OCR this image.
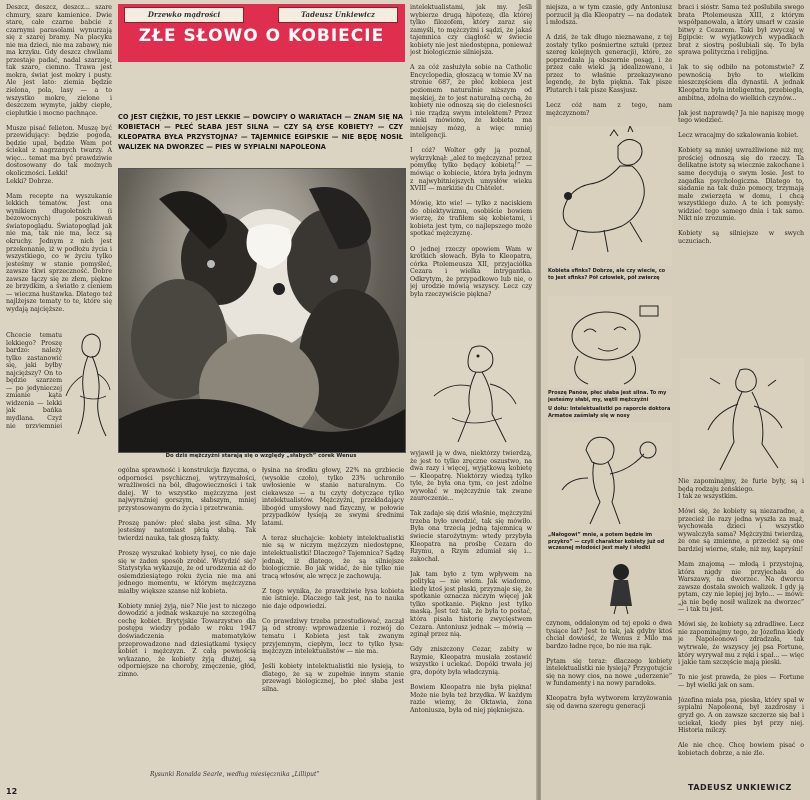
Drzewko mądrości	Tadeusz Unkiewicz
ZŁE SŁOWO O KOBIECIE
Deszcz, deszcz, deszcz... szare chmury, szare kamienice. Dwie stare, całe czarne babcie z czarnymi parasolami wynurzają się z szarej bramy. Na placyku nie ma dzieci, nie ma zabawy, nie ma krzyku. Gdy deszcz chwilami przestaje padać, nadal szarzeje, tak szaro, ciemno. Trawa jest mokra, świat jest mokry i pusty. Ale jest lato: ziemia będzie zielona, pola, lasy — a to wszystko mokre, zielone i deszczem wymyte, jakby ciepłe, cieplutkie i mocno pachnące.

Musze pisać felieton. Muszę być przewidujący: będzie pogoda, będzie upał, będzie Wam pot ściekał z nagrzanych twarzy. A więc... temat ma być prawdziwie dostosowany do tak możnych okoliczności. Lekki!
Lekki? Dobrze.

Mam recepte na wyszukanie lekkich tematów. Jest ona wynikiem długoletnich (i bezowocnych) poszukiwań światopoglądu. Światopogląd jak nie ma, tak nie ma, lecz są okruchy. Jednym z nich jest przekonanie, iż w podłożu życia i wszystkiego, co w życiu tylko jesteśmy w stanie pomyśleć, zawsze tkwi sprzeczność. Dobre zawsze łączy się ze złem, piękne ze brzydkim, a światło z cieniem — wieczna huśtawka. Dlatego też najlżejsze tematy to te, które się wydają najcięższe.
Chcecie tematu lekkiego? Proszę bardzo: należy tylko zastanowić się, jaki byłby najcięższy? On to będzie szarzem — po jedynieczej zmianie kąta widzenia — lekki jak bańka mydlana. Czyż nie przyjemniej

CO JEST CIĘŻKIE, TO JEST LEKKIE — DOWCIPY O WARIATACH — ZNAM SIĘ NA KOBIETACH — PŁEĆ SŁABA JEST SILNA — CZY SĄ ŁYSE KOBIETY? — CZY KLEOPATRA BYŁA PRZYSTOJNA? — TAJEMNICE EGIPSKIE — NIE BĘDĘ NOSIŁ WALIZEK NA DWORZEC — PIES W SYPIALNI NAPOLEONA
intelektualistami, jak my. Jeśli wybierze drugą hipotezę, dla której tylko filozofem, który zaraz się zamyśli, to mężczyźni i sądzi, że jakaś tajemnica czy ciągłość w świecie kobiety nie jest niedostępna, ponieważ jest biologicznie silniejsza.

A za cóż zasłużyła sobie na Catholic Encyclopedia, głoszącą w tomie XV na stronie 687, że płeć kobieca jest poziomem naturalnie niższym od męskiej, że to jest naturalną cechą, że kobiety nie odnoszą się do cielesności i nie rządzą swym intelektem? Przez wieki mówiono, że kobieta ma mniejszy mózg, a więc mniej inteligencji.

I cóż? Wolter gdy ją poznał, wykrzyknął: „ależ to mężczyzna! przez pomyłkę tylko będący kobietą!” — mówiąc o kobiecie, która była jednym z najwybitniejszych umysłów wieku XVIII — markizie du Châtelet.

Mówię, kto wie! — tylko z naciskiem do obiektywizmu, osobiście bowiem wierzę, że trafiłem się kobietami, i kobieta jest tym, co najlepszego może spotkać mężczyznę.

O jednej rzeczy opowiem Wam w krótkich słowach. Była to Kleopatra, córka Ptolemeusza XII, przyjaciółka Cezara i wielka intrygantka. Odkrytym, że przypadkowo lub nie, o jej urodzie mówią wszyscy. Lecz czy była rzeczywiście piękna?
Do dziś mężczyźni starają się o względy „słabych” córek Wenus	wyjawił ją w dwa, niektórzy twierdzą, że jest to tylko zręczne oszustwo, na dwa razy i więcej, wyjątkową kobietę — Kleopatrę. Niektórzy wiedzą tylko tyle, że była ona tym, co jest zdolne wywołać w mężczyźnie tak zwane zauroczenie...

Tak zadaje się dziś właśnie, mężczyźni trzeba było uwodzić, tak się mówiło. Była ona trzecią jedną tajemnicą w świecie starożytnym: wtedy przybyła Kleopatra na prośbę Cezara do Rzymu, a Rzym zdumiał się i... zakochał.

Jak tam było z tym wpływem na polityką — nie wiem. Jak wiadomo, kiedy ktoś jest płaski, przyznaje się, że spotkanie oznacza niczym więcej jak tylko spotkanie. Piękno jest tylko maską. Jest też tak, że była to postać, która pisała historię zwycięstwem Cezara. Antoniusz jednak — mówią — zginął przez nią.

Gdy zniszczony Cezar, zabity w Rzymie, Kleopatra musiała zostawić wszystko i uciekać. Dopóki trwała jej gra, dopóty była władczynią.

Bowiem Kleopatra nie była piękna! Może nie była też brzydka. W każdym razie wiemy, że Oktawia, żona Antoniusza, była od niej piękniejsza.
ogólna sprawność i konstrukcja fizyczna, o odporności psychicznej, wytrzymałości, wrażliwości na ból, długowieczności i tak dalej. W to wszystko mężczyzna jest najwyraźniej gorszym, słabszym, mniej przystosowanym do życia i przetrwania.

Proszę panów: płeć słaba jest silna. My jesteśmy natomiast płcią słabą. Tak twierdzi nauka, tak głoszą fakty.

Proszę wyszukać kobiety łysej, co nie daje się w żaden sposób zrobić. Wstydzić się? Statystyka wykazuje, że od urodzenia aż do osiemdziesiątego roku życia nie ma ani jednego momentu, w którym mężczyzna miałby większe szanse niż kobieta.

Kobiety mniej żyją, nie? Nie jest to niczego dowodzić a jednak wskazuje na szczególną cechę kobiet. Brytyjskie Towarzystwo dla postępu wiedzy podało w roku 1947 doświadczenia matematyków przeprowadzone nad dziesiątkami tysięcy kobiet i mężczyzn. Z całą pewnością wykazano, że kobiety żyją dłużej, są odporniejsze na choroby, zmęczenie, głód, zimno.
łysina na środku głowy, 22% na grzbiecie (wysokie czoło), tylko 23% uchroniło uwłosienie w stanie naturalnym. Co ciekawsze — a tu czyty dotyczące tylko intelektualistów. Mężczyźni, przekładający libogód umysłowy nad fizyczny, w połowie przypadków łysieją ze swymi średnimi latami.

A teraz słuchajcie: kobiety intelektualistki nie są w niczym mężczyzn niedostępne, intelektualistki! Dlaczego? Tajemnica? Sądzę jednak, iż dlatego, że są silniejsze biologicznie. Bo jak widać, że nie tylko nie tracą włosów, ale wręcz je zachowują.

Z tego wynika, że prawdziwie łysa kobieta nie istnieje. Dlaczego tak jest, na to nauka nie daje odpowiedzi.

Co prawdziwy trzeba przestudiować, zaczął ją od strony: wprowadzenie i rozwój do tematu i Kobieta jest tak zwanym przyjemnym, ciepłym, lecz to tylko łysa: mężczyzn intelektualistów — nie ma.

Jeśli kobiety intelektualistki nie łysieją, to dlatego, że są w zupełnie innym stanie przewagi biologicznej, bo płeć słaba jest silna.
Rysunki Ronalda Searle, według miesięcznika „Lilliput”
12
niejsza, a w tym czasie, gdy Antoniusz porzucił ją dla Kleopatry — na dodatek i młodsza.

A dziś, że tak długo nieznawane, z tej zostały tylko pośmiertne sztuki (przez szereg kolejnych generacji), które, ze poprzedzała ją obszernie posąg, i że przez całe wieki ją idealizowano, i przez to właśnie przekazywano legendę, że była piękna. Tak pisze Plutarch i tak pisze Kassjusz.

Lecz cóż nam z tego, nam mężczyznom?
braci i sióstr. Sama też poślubiła swego brata Ptolemeusza XIII, z którym współpanowała, a który umarł w czasie bitwy z Cezarem. Taki był zwyczaj w Egipcie: w wyjątkowych wypadkach brat z siostrą poślubiali się. To była sprawa polityczna i religijna.

Jak to się odbiło na potomstwie? Z pewnością było to wielkim nieszczęściem dla dynastii. A jednak Kleopatra była inteligentna, przebiegła, ambitna, zdolna do wielkich czynów...

Jak jest naprawdę? Ja nie napiszę mogę tego wiedzieć.

Lecz wracajmy do szkalowania kobiet.

Kobiety są mniej uwrażliwione niż my, prościej odnoszą się do rzeczy. Ta delikatne istoty są wiecznie zakochane i same decydują o swym losie. Jest to zagadka psychologiczna. Dlatego to, siadanie na tak dużo pomocy, trzymają małe zwierzęta w domu, i chcą wszystkiego dużo. A te ich pomysły: widzieć tego samego dnia i tak samo. Nikt nie zrozumie.

Kobiety są silniejsze w swych uczuciach.
Kobieta sfinks? Dobrze, ale czy wiecie, co to jest sfinks? Pół człowiek, pół zwierzę
Proszę Panów, płeć słaba jest silna. To my jesteśmy słabi, my, wątli mężczyźni
U dołu: Intelektualistki po raporcie doktora Armatoe zaśmiały się w nosy
„Nałogowi” mnie, a potem będzie im przykro” — czyli charakter kobiety już od wczesnej młodości jest mały i słodki
czynom, oddalonym od tej epoki o dwa tysiące lat? Jest to tak, jak gdyby ktoś chciał dowieść, że Wenus z Milo ma bardzo ładne ręce, bo nie ma rąk.

Pytam się teraz: dlaczego kobiety intelektualistki nie łysieją? Przygotujcie się na nowy cios, na nowe „uderzenie” w fundamenty i na nowy paradoks.

Kleopatra była wytworem krzyżowania się od dawna szeregu generacji
Nie zapominajmy, że furie były, są i będą rodzaju żeńskiego.
I tak ze wszystkim.

Mówi się, że kobiety są niezaradne, a przecież ile razy jedna wyszła za mąż, wychowała dzieci i wszystko wywalczyła sama? Mężczyźni twierdzą, że one są zmienne, a przecież są one bardziej wierne, stałe, niż my, kapryśni!

Mam znajomą — młodą i przystojną, która nigdy nie przyjechała do Warszawy, na dworzec. Na dworcu zawsze dostała swoich walizek. I gdy ją pytam, czy nie lepiej jej było... — mówi: „ja nie będę nosił walizek na dworzec” — i tak tu jest.

Mówi się, że kobiety są zdradliwe. Lecz nie zapominajmy tego, że Józefina kiedy je Napoleonowi zdradzała, tak wytrwale, że wszyscy jej psa Fortune, który wyrywał mu z ręki i spał... — więc i jakie tam szczęście mają pieski.

To nie jest prawda, że pies — Fortune — był wielki jak on sam.

Józefina miała psa, pieska, który spał w sypialni Napoleona, był zazdrosny i gryzł go. A on zawsze szczerze się bał i uciekał, kiedy pies był przy niej. Historia milczy.

Ale nie chcę. Chcę bowiem pisać o kobietach dobrze, a nie źle.
TADEUSZ UNKIEWICZ
